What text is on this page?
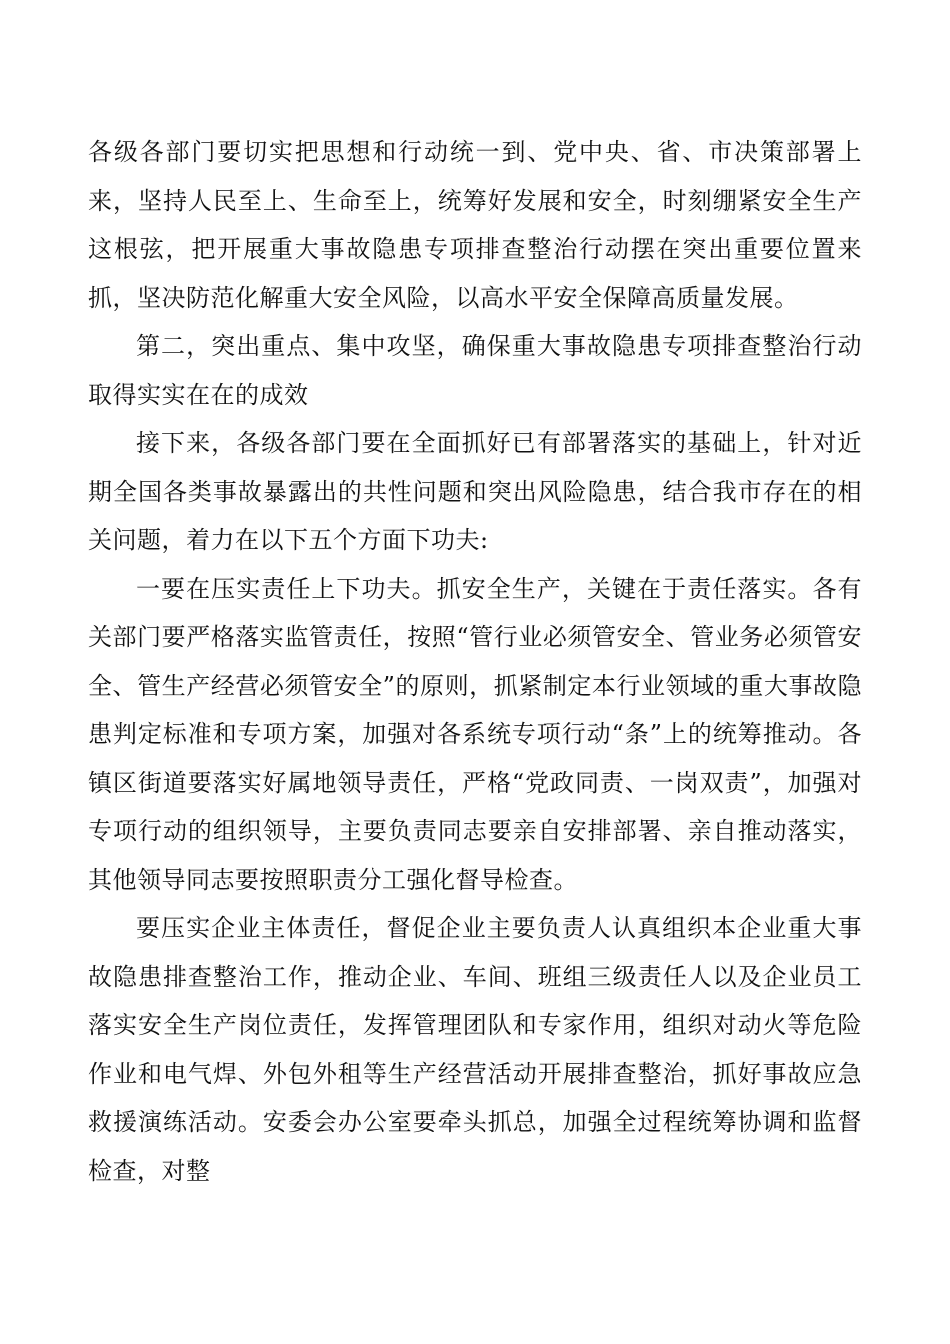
各级各部门要切实把思想和行动统一到、党中央、省、市决策部署上来，坚持人民至上、生命至上，统筹好发展和安全，时刻绷紧安全生产这根弦，把开展重大事故隐患专项排查整治行动摆在突出重要位置来抓，坚决防范化解重大安全风险，以高水平安全保障高质量发展。

第二，突出重点、集中攻坚，确保重大事故隐患专项排查整治行动取得实实在在的成效

接下来，各级各部门要在全面抓好已有部署落实的基础上，针对近期全国各类事故暴露出的共性问题和突出风险隐患，结合我市存在的相关问题，着力在以下五个方面下功夫:

一要在压实责任上下功夫。抓安全生产，关键在于责任落实。各有关部门要严格落实监管责任，按照“管行业必须管安全、管业务必须管安全、管生产经营必须管安全”的原则，抓紧制定本行业领域的重大事故隐患判定标准和专项方案，加强对各系统专项行动“条”上的统筹推动。各镇区街道要落实好属地领导责任，严格“党政同责、一岗双责”，加强对专项行动的组织领导，主要负责同志要亲自安排部署、亲自推动落实，其他领导同志要按照职责分工强化督导检查。

要压实企业主体责任，督促企业主要负责人认真组织本企业重大事故隐患排查整治工作，推动企业、车间、班组三级责任人以及企业员工落实安全生产岗位责任，发挥管理团队和专家作用，组织对动火等危险作业和电气焊、外包外租等生产经营活动开展排查整治，抓好事故应急救援演练活动。安委会办公室要牵头抓总，加强全过程统筹协调和监督检查，对整
